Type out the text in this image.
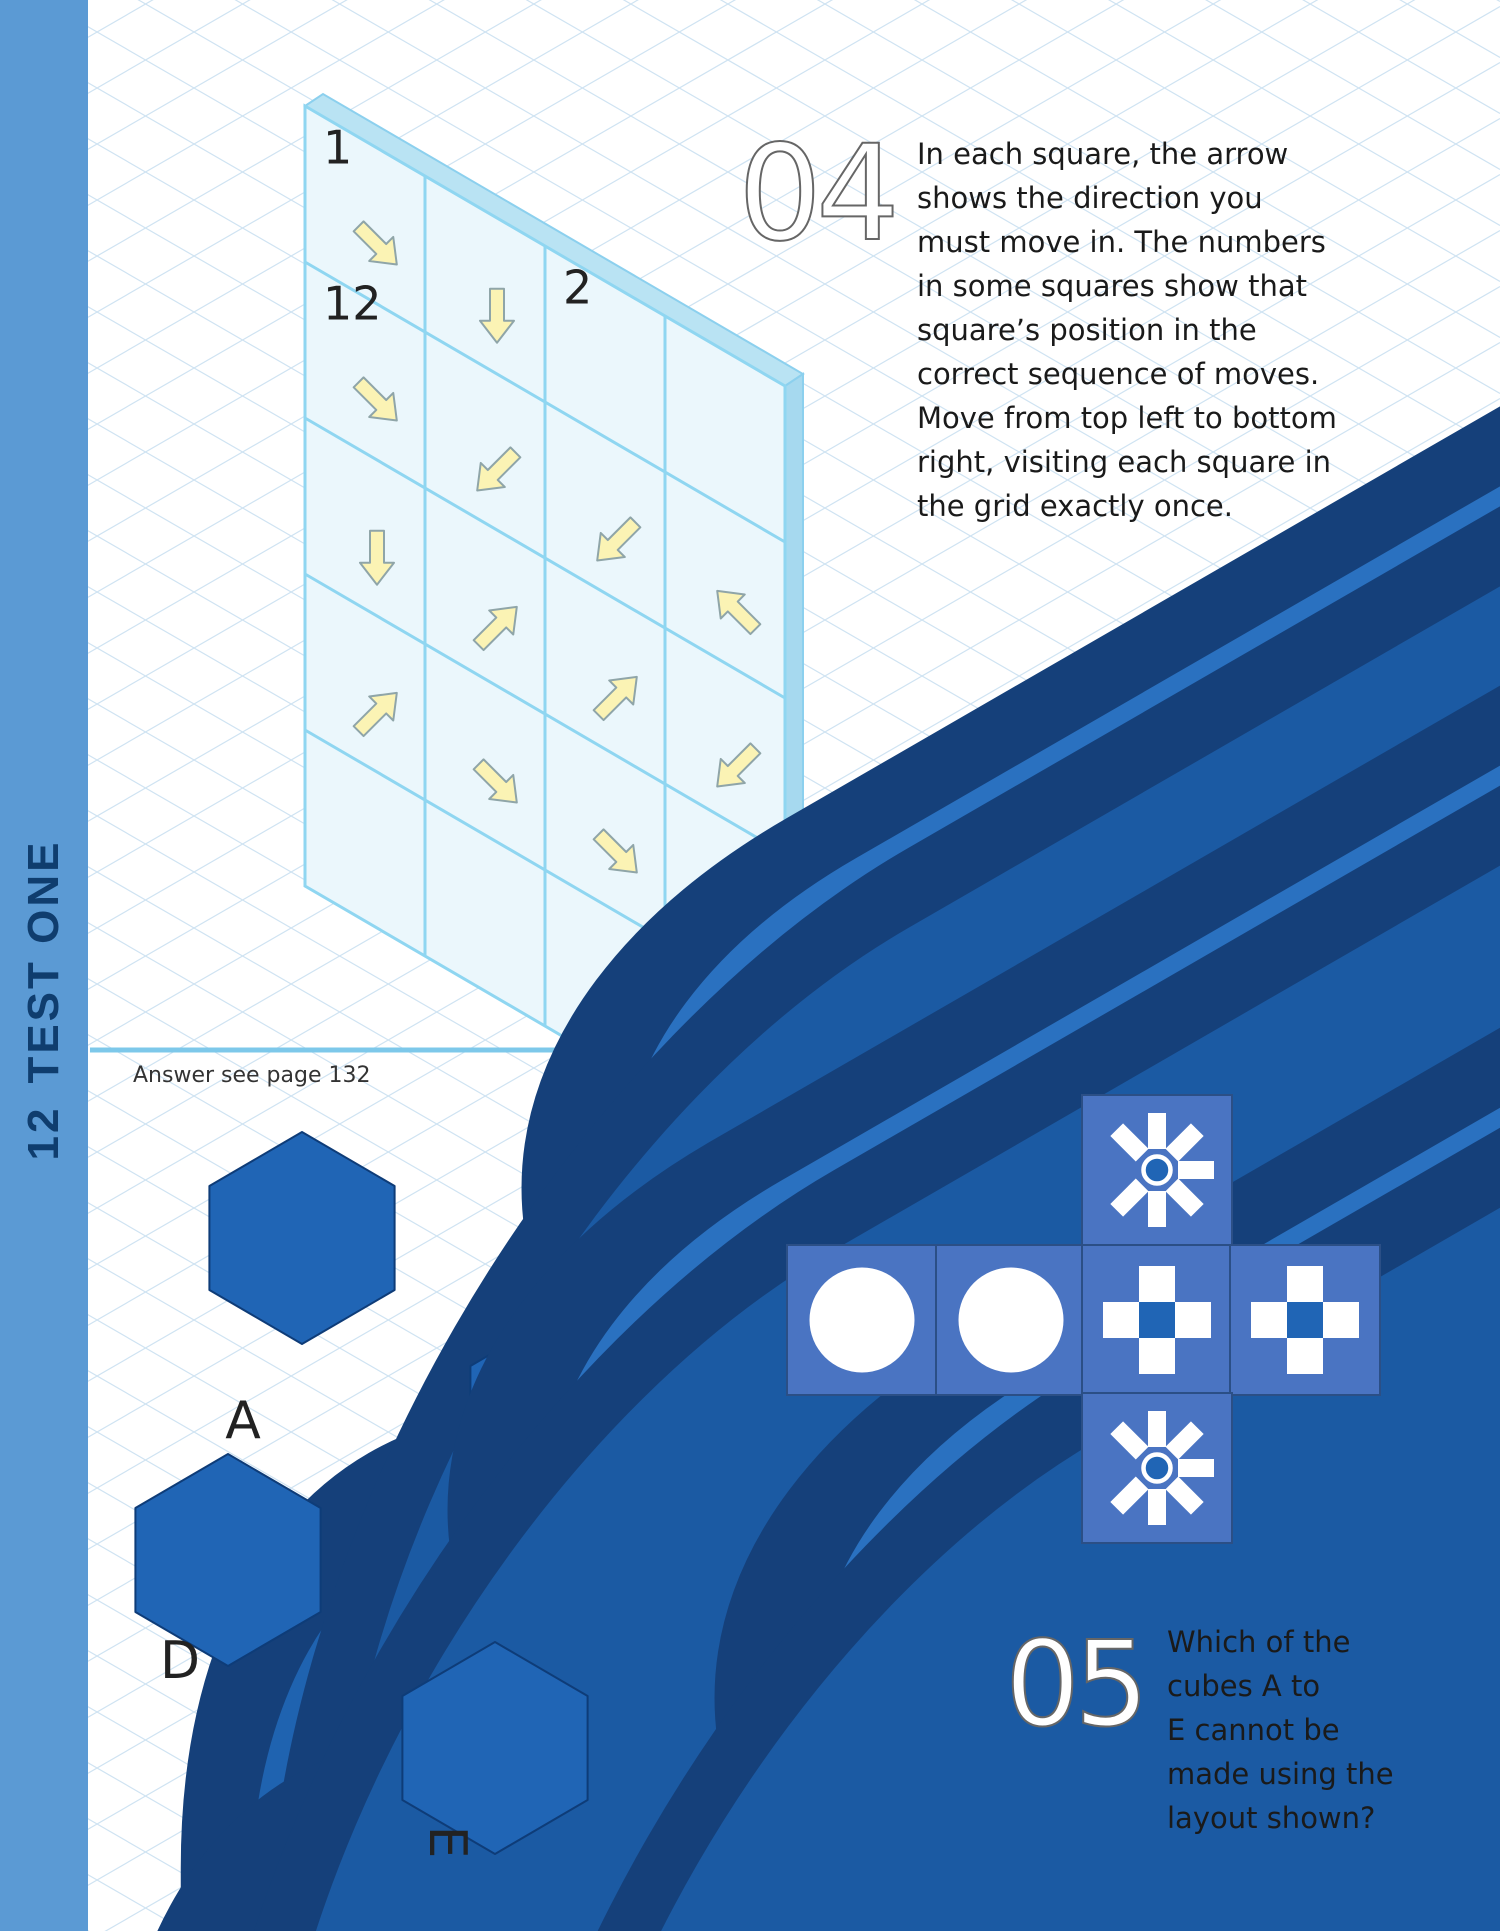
12TEST ONE
1
2
12
04 In each square, the arrow
shows the direction you
must move in. The numbers
in some squares show that
square’s position in the
correct sequence of moves.
Move from top left to bottom
right, visiting each square in
the grid exactly once.
Answer see page 132
A
D
E
05 Which of the
cubes A to
E cannot be
made using the
layout shown?
